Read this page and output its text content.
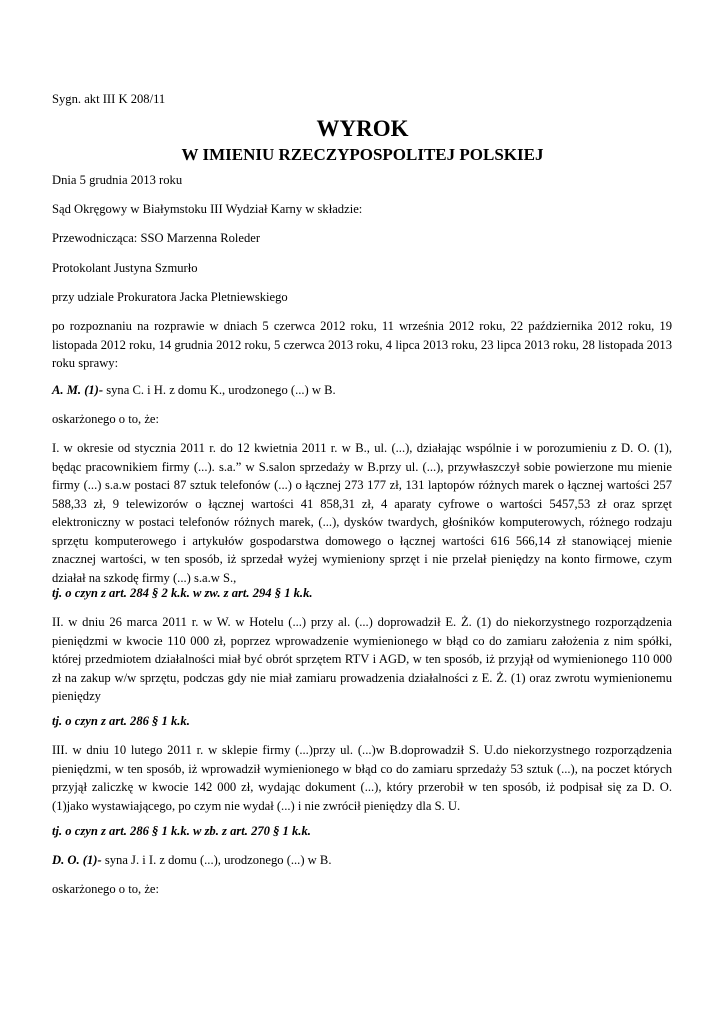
Sygn. akt III K 208/11

WYROK
W IMIENIU RZECZYPOSPOLITEJ POLSKIEJ

Dnia 5 grudnia 2013 roku

Sąd Okręgowy w Białymstoku III Wydział Karny w składzie:

Przewodnicząca: SSO Marzenna Roleder

Protokolant Justyna Szmurło

przy udziale Prokuratora Jacka Pletniewskiego

po rozpoznaniu na rozprawie w dniach 5 czerwca 2012 roku, 11 września 2012 roku, 22 października 2012 roku, 19 listopada 2012 roku, 14 grudnia 2012 roku, 5 czerwca 2013 roku, 4 lipca 2013 roku, 23 lipca 2013 roku, 28 listopada 2013 roku sprawy:

A. M. (1)- syna C. i H. z domu K., urodzonego (...) w B.

oskarżonego o to, że:

I. w okresie od stycznia 2011 r. do 12 kwietnia 2011 r. w B., ul. (...), działając wspólnie i w porozumieniu z D. O. (1), będąc pracownikiem firmy (...). s.a.” w S.salon sprzedaży w B.przy ul. (...), przywłaszczył sobie powierzone mu mienie firmy (...) s.a.w postaci 87 sztuk telefonów (...) o łącznej 273 177 zł, 131 laptopów różnych marek o łącznej wartości 257 588,33 zł, 9 telewizorów o łącznej wartości 41 858,31 zł, 4 aparaty cyfrowe o wartości 5457,53 zł oraz sprzęt elektroniczny w postaci telefonów różnych marek, (...), dysków twardych, głośników komputerowych, różnego rodzaju sprzętu komputerowego i artykułów gospodarstwa domowego o łącznej wartości 616 566,14 zł stanowiącej mienie znacznej wartości, w ten sposób, iż sprzedał wyżej wymieniony sprzęt i nie przelał pieniędzy na konto firmowe, czym działał na szkodę firmy (...) s.a.w S.,

tj. o czyn z art. 284 § 2 k.k. w zw. z art. 294 § 1 k.k.

II. w dniu 26 marca 2011 r. w W. w Hotelu (...) przy al. (...) doprowadził E. Ż. (1) do niekorzystnego rozporządzenia pieniędzmi w kwocie 110 000 zł, poprzez wprowadzenie wymienionego w błąd co do zamiaru założenia z nim spółki, której przedmiotem działalności miał być obrót sprzętem RTV i AGD, w ten sposób, iż przyjął od wymienionego 110 000 zł na zakup w/w sprzętu, podczas gdy nie miał zamiaru prowadzenia działalności z E. Ż. (1) oraz zwrotu wymienionemu pieniędzy

tj. o czyn z art. 286 § 1 k.k.

III. w dniu 10 lutego 2011 r. w sklepie firmy (...)przy ul. (...)w B.doprowadził S. U.do niekorzystnego rozporządzenia pieniędzmi, w ten sposób, iż wprowadził wymienionego w błąd co do zamiaru sprzedaży 53 sztuk (...), na poczet których przyjął zaliczkę w kwocie 142 000 zł, wydając dokument (...), który przerobił w ten sposób, iż podpisał się za D. O. (1)jako wystawiającego, po czym nie wydał (...) i nie zwrócił pieniędzy dla S. U.

tj. o czyn z art. 286 § 1 k.k. w zb. z art. 270 § 1 k.k.

D. O. (1)- syna J. i I. z domu (...), urodzonego (...) w B.

oskarżonego o to, że:
